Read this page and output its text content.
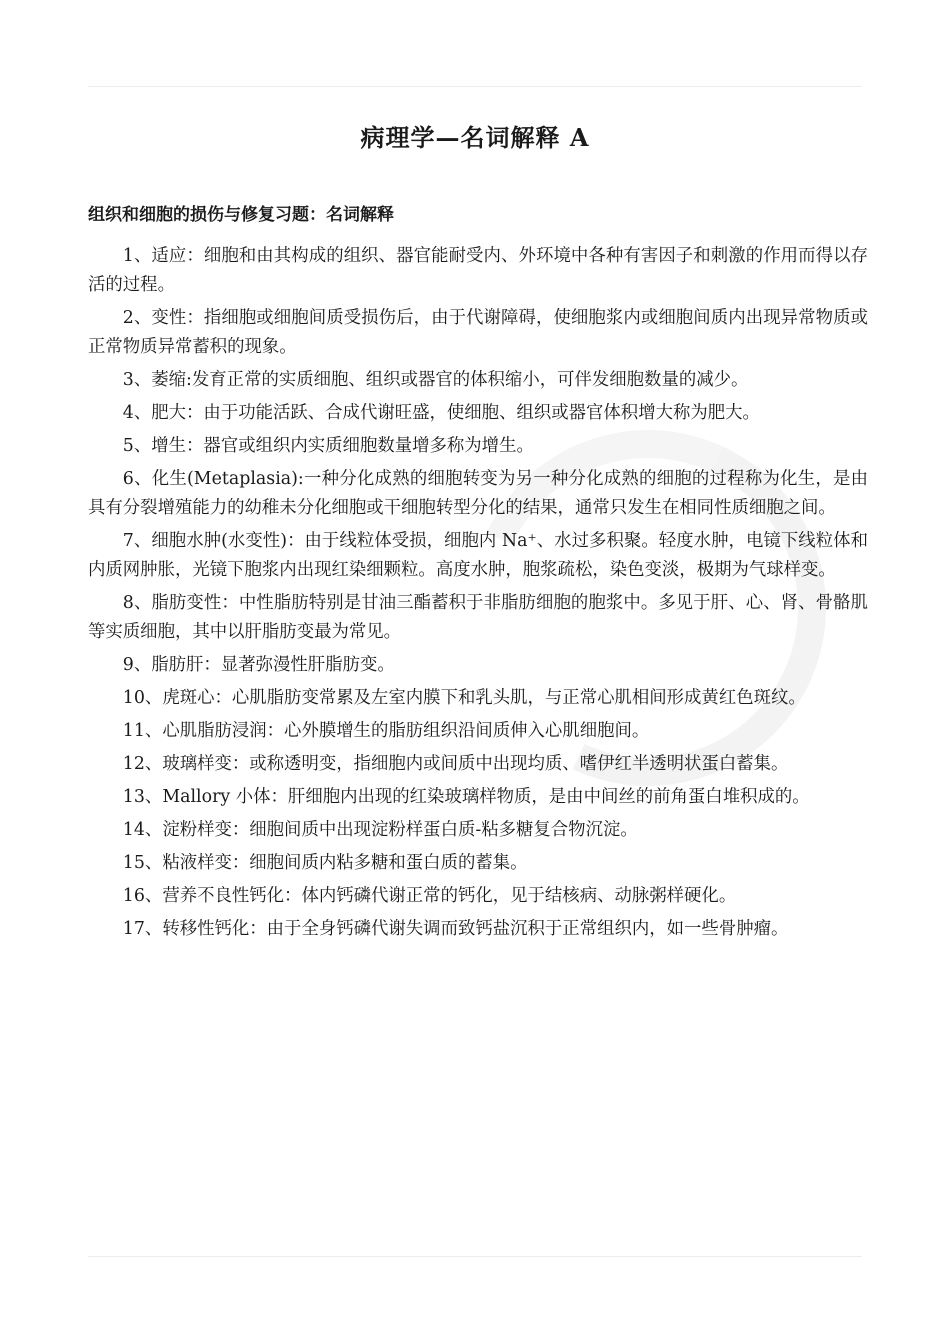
病理学—名词解释 A
组织和细胞的损伤与修复习题：名词解释

1、适应：细胞和由其构成的组织、器官能耐受内、外环境中各种有害因子和刺激的作用而得以存活的过程。

2、变性：指细胞或细胞间质受损伤后，由于代谢障碍，使细胞浆内或细胞间质内出现异常物质或正常物质异常蓄积的现象。

3、萎缩:发育正常的实质细胞、组织或器官的体积缩小，可伴发细胞数量的减少。

4、肥大：由于功能活跃、合成代谢旺盛，使细胞、组织或器官体积增大称为肥大。

5、增生：器官或组织内实质细胞数量增多称为增生。

6、化生(Metaplasia):一种分化成熟的细胞转变为另一种分化成熟的细胞的过程称为化生，是由具有分裂增殖能力的幼稚未分化细胞或干细胞转型分化的结果，通常只发生在相同性质细胞之间。

7、细胞水肿(水变性)：由于线粒体受损，细胞内 Na⁺、水过多积聚。轻度水肿，电镜下线粒体和内质网肿胀，光镜下胞浆内出现红染细颗粒。高度水肿，胞浆疏松，染色变淡，极期为气球样变。

8、脂肪变性：中性脂肪特别是甘油三酯蓄积于非脂肪细胞的胞浆中。多见于肝、心、肾、骨骼肌等实质细胞，其中以肝脂肪变最为常见。

9、脂肪肝：显著弥漫性肝脂肪变。

10、虎斑心：心肌脂肪变常累及左室内膜下和乳头肌，与正常心肌相间形成黄红色斑纹。

11、心肌脂肪浸润：心外膜增生的脂肪组织沿间质伸入心肌细胞间。

12、玻璃样变：或称透明变，指细胞内或间质中出现均质、嗜伊红半透明状蛋白蓄集。

13、Mallory 小体：肝细胞内出现的红染玻璃样物质，是由中间丝的前角蛋白堆积成的。

14、淀粉样变：细胞间质中出现淀粉样蛋白质-粘多糖复合物沉淀。

15、粘液样变：细胞间质内粘多糖和蛋白质的蓄集。

16、营养不良性钙化：体内钙磷代谢正常的钙化，见于结核病、动脉粥样硬化。

17、转移性钙化：由于全身钙磷代谢失调而致钙盐沉积于正常组织内，如一些骨肿瘤。
